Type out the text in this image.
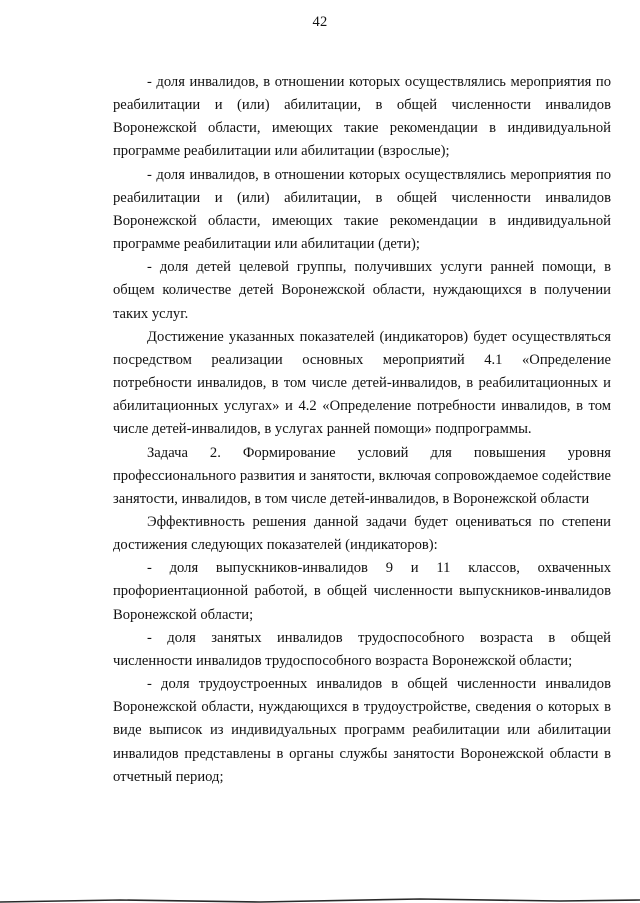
42

- доля инвалидов, в отношении которых осуществлялись мероприятия по реабилитации и (или) абилитации, в общей численности инвалидов Воронежской области, имеющих такие рекомендации в индивидуальной программе реабилитации или абилитации (взрослые);

- доля инвалидов, в отношении которых осуществлялись мероприятия по реабилитации и (или) абилитации, в общей численности инвалидов Воронежской области, имеющих такие рекомендации в индивидуальной программе реабилитации или абилитации (дети);

- доля детей целевой группы, получивших услуги ранней помощи, в общем количестве детей Воронежской области, нуждающихся в получении таких услуг.

Достижение указанных показателей (индикаторов) будет осуществляться посредством реализации основных мероприятий 4.1 «Определение потребности инвалидов, в том числе детей-инвалидов, в реабилитационных и абилитационных услугах» и 4.2 «Определение потребности инвалидов, в том числе детей-инвалидов, в услугах ранней помощи» подпрограммы.

Задача 2. Формирование условий для повышения уровня профессионального развития и занятости, включая сопровождаемое содействие занятости, инвалидов, в том числе детей-инвалидов, в Воронежской области

Эффективность решения данной задачи будет оцениваться по степени достижения следующих показателей (индикаторов):

- доля выпускников-инвалидов 9 и 11 классов, охваченных профориентационной работой, в общей численности выпускников-инвалидов Воронежской области;

- доля занятых инвалидов трудоспособного возраста в общей численности инвалидов трудоспособного возраста Воронежской области;

- доля трудоустроенных инвалидов в общей численности инвалидов Воронежской области, нуждающихся в трудоустройстве, сведения о которых в виде выписок из индивидуальных программ реабилитации или абилитации инвалидов представлены в органы службы занятости Воронежской области в отчетный период;
